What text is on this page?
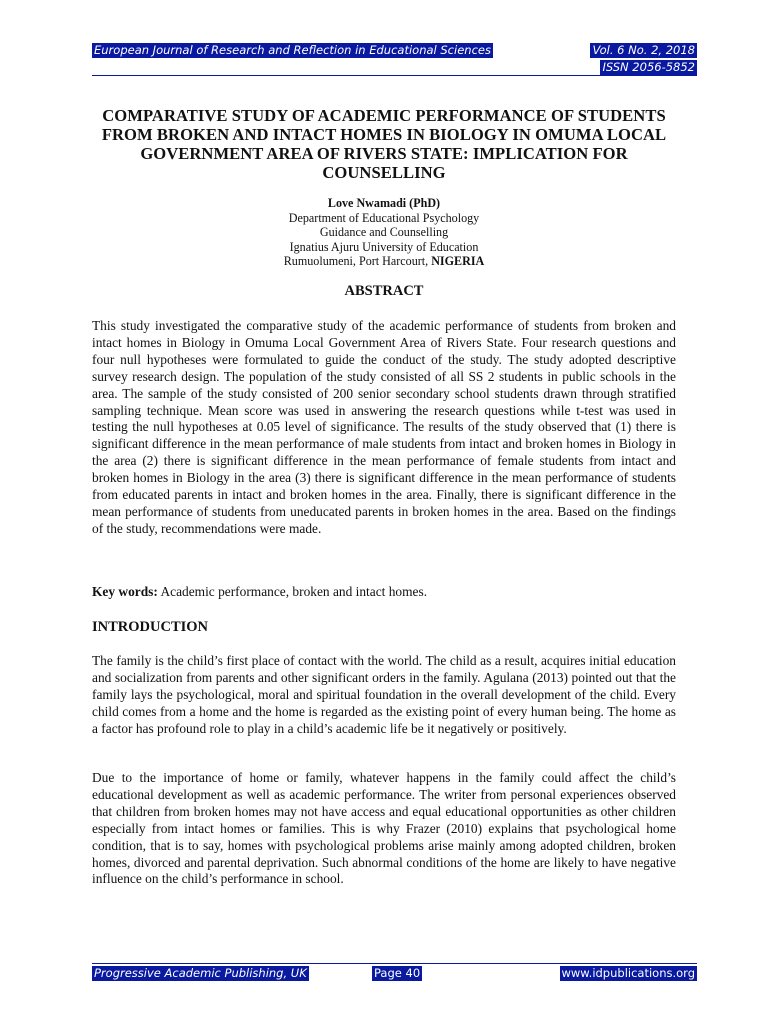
European Journal of Research and Reflection in Educational Sciences	Vol. 6 No. 2, 2018
ISSN 2056-5852
COMPARATIVE STUDY OF ACADEMIC PERFORMANCE OF STUDENTS FROM BROKEN AND INTACT HOMES IN BIOLOGY IN OMUMA LOCAL GOVERNMENT AREA OF RIVERS STATE: IMPLICATION FOR COUNSELLING
Love Nwamadi (PhD)
Department of Educational Psychology
Guidance and Counselling
Ignatius Ajuru University of Education
Rumuolumeni, Port Harcourt, NIGERIA
ABSTRACT
This study investigated the comparative study of the academic performance of students from broken and intact homes in Biology in Omuma Local Government Area of Rivers State. Four research questions and four null hypotheses were formulated to guide the conduct of the study. The study adopted descriptive survey research design. The population of the study consisted of all SS 2 students in public schools in the area. The sample of the study consisted of 200 senior secondary school students drawn through stratified sampling technique. Mean score was used in answering the research questions while t-test was used in testing the null hypotheses at 0.05 level of significance. The results of the study observed that (1) there is significant difference in the mean performance of male students from intact and broken homes in Biology in the area (2) there is significant difference in the mean performance of female students from intact and broken homes in Biology in the area (3) there is significant difference in the mean performance of students from educated parents in intact and broken homes in the area. Finally, there is significant difference in the mean performance of students from uneducated parents in broken homes in the area. Based on the findings of the study, recommendations were made.
Key words: Academic performance, broken and intact homes.
INTRODUCTION
The family is the child’s first place of contact with the world. The child as a result, acquires initial education and socialization from parents and other significant orders in the family. Agulana (2013) pointed out that the family lays the psychological, moral and spiritual foundation in the overall development of the child. Every child comes from a home and the home is regarded as the existing point of every human being. The home as a factor has profound role to play in a child’s academic life be it negatively or positively.
Due to the importance of home or family, whatever happens in the family could affect the child’s educational development as well as academic performance. The writer from personal experiences observed that children from broken homes may not have access and equal educational opportunities as other children especially from intact homes or families. This is why Frazer (2010) explains that psychological home condition, that is to say, homes with psychological problems arise mainly among adopted children, broken homes, divorced and parental deprivation. Such abnormal conditions of the home are likely to have negative influence on the child’s performance in school.
Progressive Academic Publishing, UK	Page 40	www.idpublications.org
